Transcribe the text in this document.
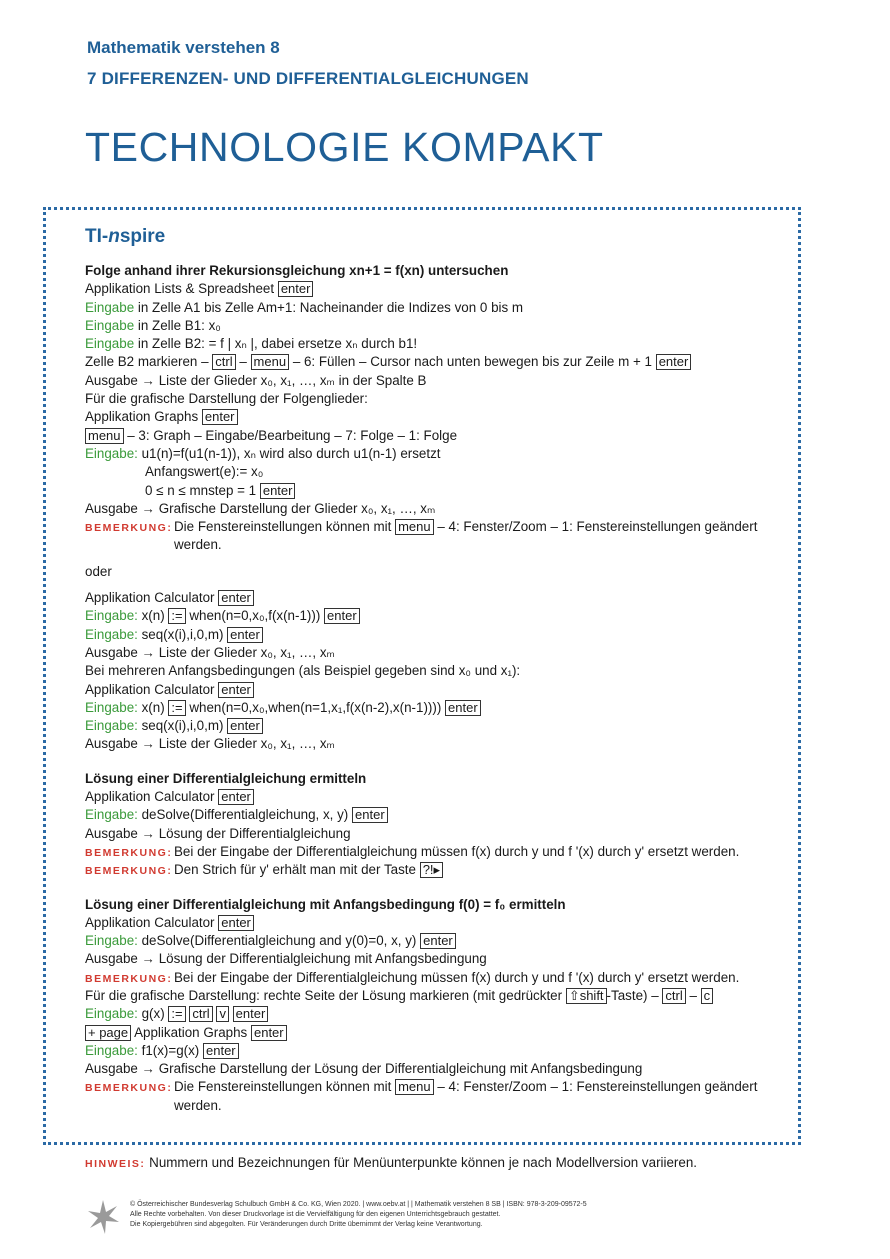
Mathematik verstehen 8
7 DIFFERENZEN- UND DIFFERENTIALGLEICHUNGEN
TECHNOLOGIE KOMPAKT
TI-nspire
Folge anhand ihrer Rekursionsgleichung xn+1 = f(xn) untersuchen
Applikation Lists & Spreadsheet enter
Eingabe in Zelle A1 bis Zelle Am+1: Nacheinander die Indizes von 0 bis m
Eingabe in Zelle B1: x₀
Eingabe in Zelle B2: = f | xₙ |, dabei ersetze xₙ durch b1!
Zelle B2 markieren – ctrl – menu – 6: Füllen – Cursor nach unten bewegen bis zur Zeile m + 1 enter
Ausgabe → Liste der Glieder x₀, x₁, …, xₘ in der Spalte B
Für die grafische Darstellung der Folgenglieder:
Applikation Graphs enter
menu – 3: Graph – Eingabe/Bearbeitung – 7: Folge – 1: Folge
Eingabe: u1(n)=f(u1(n-1)), xₙ wird also durch u1(n-1) ersetzt
Anfangswert(e):= x₀
0 ≤ n ≤ mnstep = 1 enter
Ausgabe → Grafische Darstellung der Glieder x₀, x₁, …, xₘ
BEMERKUNG: Die Fenstereinstellungen können mit menu – 4: Fenster/Zoom – 1: Fenstereinstellungen geändert
werden.
oder
Applikation Calculator enter
Eingabe: x(n) := when(n=0,x₀,f(x(n-1))) enter
Eingabe: seq(x(i),i,0,m) enter
Ausgabe → Liste der Glieder x₀, x₁, …, xₘ
Bei mehreren Anfangsbedingungen (als Beispiel gegeben sind x₀ und x₁):
Applikation Calculator enter
Eingabe: x(n) := when(n=0,x₀,when(n=1,x₁,f(x(n-2),x(n-1)))) enter
Eingabe: seq(x(i),i,0,m) enter
Ausgabe → Liste der Glieder x₀, x₁, …, xₘ
Lösung einer Differentialgleichung ermitteln
Applikation Calculator enter
Eingabe: deSolve(Differentialgleichung, x, y) enter
Ausgabe → Lösung der Differentialgleichung
BEMERKUNG: Bei der Eingabe der Differentialgleichung müssen f(x) durch y und f '(x) durch y' ersetzt werden.
BEMERKUNG: Den Strich für y' erhält man mit der Taste ?!▸
Lösung einer Differentialgleichung mit Anfangsbedingung f(0) = f₀ ermitteln
Applikation Calculator enter
Eingabe: deSolve(Differentialgleichung and y(0)=0, x, y) enter
Ausgabe → Lösung der Differentialgleichung mit Anfangsbedingung
BEMERKUNG: Bei der Eingabe der Differentialgleichung müssen f(x) durch y und f '(x) durch y' ersetzt werden.
Für die grafische Darstellung: rechte Seite der Lösung markieren (mit gedrückter ⇧shift -Taste) – ctrl – c
Eingabe: g(x) := ctrl v enter
+ page Applikation Graphs enter
Eingabe: f1(x)=g(x) enter
Ausgabe → Grafische Darstellung der Lösung der Differentialgleichung mit Anfangsbedingung
BEMERKUNG: Die Fenstereinstellungen können mit menu – 4: Fenster/Zoom – 1: Fenstereinstellungen geändert
werden.
HINWEIS: Nummern und Bezeichnungen für Menüunterpunkte können je nach Modellversion variieren.
© Österreichischer Bundesverlag Schulbuch GmbH & Co. KG, Wien 2020. | www.oebv.at | | Mathematik verstehen 8 SB | ISBN: 978-3-209-09572-5
Alle Rechte vorbehalten. Von dieser Druckvorlage ist die Vervielfältigung für den eigenen Unterrichtsgebrauch gestattet.
Die Kopiergebühren sind abgegolten. Für Veränderungen durch Dritte übernimmt der Verlag keine Verantwortung.
